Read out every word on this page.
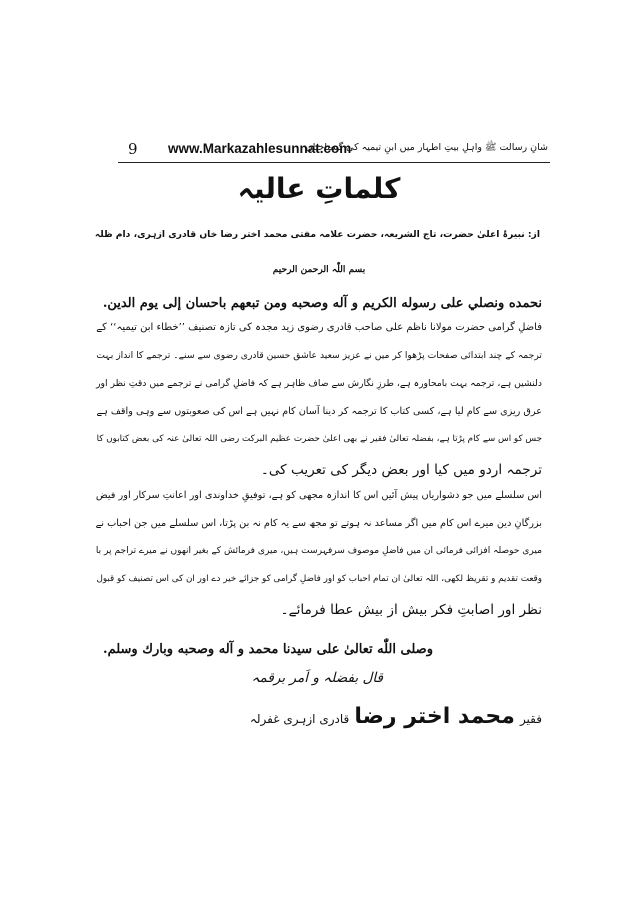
9 www.Markazahlesunnat.com
شانِ رسالت ﷺ واہلِ بیتِ اطہار میں ابنِ تیمیہ کی گستاخیاں
کلماتِ عالیہ
از: نبیرۂ اعلیٰ حضرت، تاج الشریعہ، حضرت علامہ مفتی محمد اختر رضا خاں قادری ازہری، دام ظلہ
بسم اللّٰہ الرحمن الرحیم
نحمده ونصلي على رسوله الكريم و آله وصحبه ومن تبعهم باحسان إلى يوم الدين.
فاضلِ گرامی حضرت مولانا ناظم علی صاحب قادری رضوی زید مجدہ کی تازہ تصنیف ’’خطاء ابن تیمیہ‘‘ کے
ترجمہ کے چند ابتدائی صفحات پڑھوا کر میں نے عزیز سعید عاشق حسین قادری رضوی سے سنے۔ ترجمے کا انداز بہت
دلنشیں ہے، ترجمہ بہت بامحاورہ ہے، طرزِ نگارش سے صاف ظاہر ہے کہ فاضلِ گرامی نے ترجمے میں دقتِ نظر اور
عرق ریزی سے کام لیا ہے، کسی کتاب کا ترجمہ کر دینا آسان کام نہیں ہے اس کی صعوبتوں سے وہی واقف ہے
جس کو اس سے کام پڑتا ہے، بفضلہ تعالیٰ فقیر نے بھی اعلیٰ حضرت عظیم البرکت رضی اللہ تعالیٰ عنہ کی بعض کتابوں کا
ترجمہ اردو میں کیا اور بعض دیگر کی تعریب کی۔
اس سلسلے میں جو دشواریاں پیش آئیں اس کا اندازہ مجھی کو ہے، توفیقِ خداوندی اور اعانتِ سرکار اور فیض
بزرگانِ دین میرے اس کام میں اگر مساعد نہ ہوتے تو مجھ سے یہ کام نہ بن پڑتا، اس سلسلے میں جن احباب نے
میری حوصلہ افزائی فرمائی ان میں فاضلِ موصوف سرفہرست ہیں، میری فرمائش کے بغیر انھوں نے میرے تراجم پر با
وقعت تقدیم و تقریظ لکھی، اللہ تعالیٰ ان تمام احباب کو اور فاضلِ گرامی کو جزائے خیر دے اور ان کی اس تصنیف کو قبول
نظر اور اصابتِ فکر بیش از بیش عطا فرمائے۔
وصلى اللّٰه تعالىٰ على سيدنا محمد و آله وصحبه وبارك وسلم.
قال بفضلہ و اَمر برقمہ
فقیر محمد اختر رضا قادری ازہری غفرلہ
